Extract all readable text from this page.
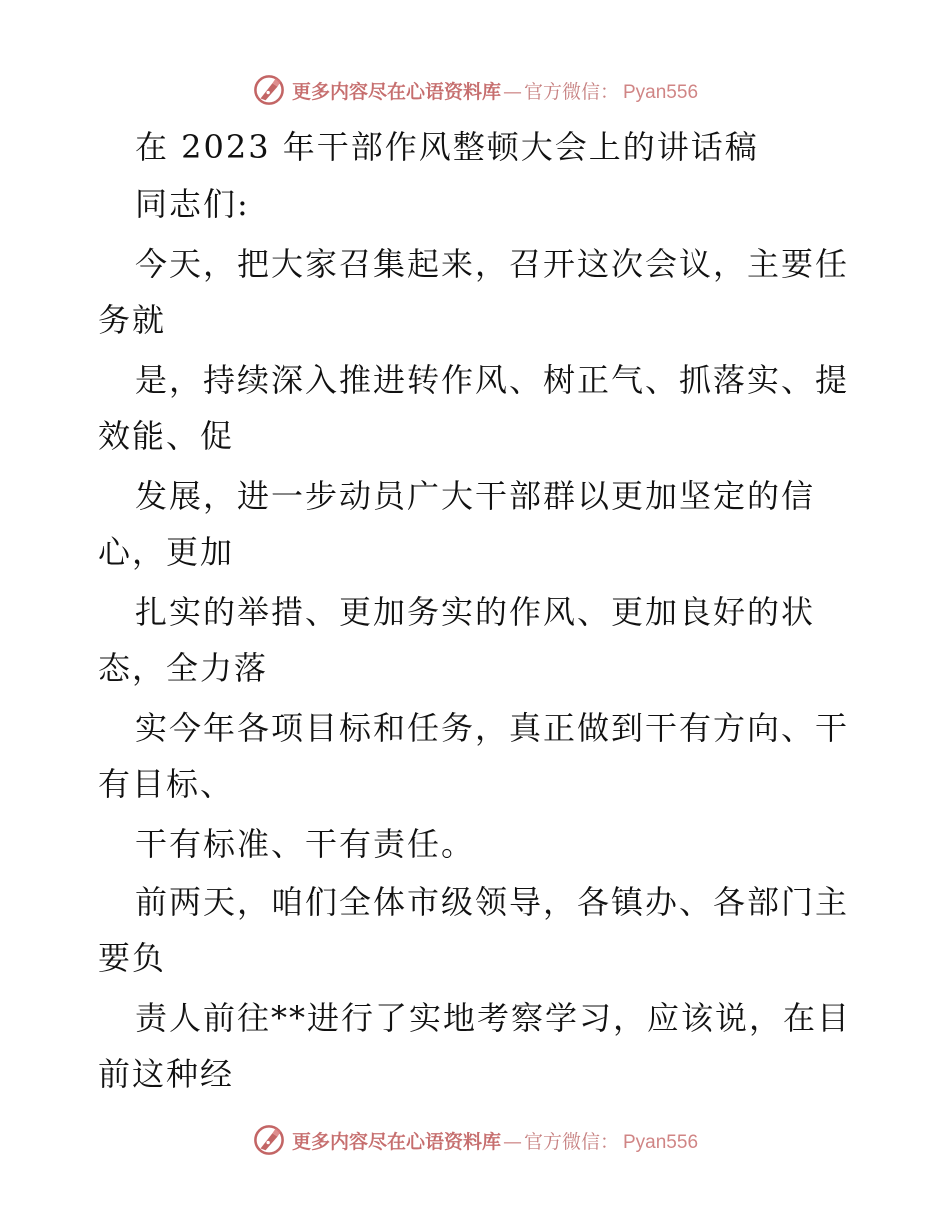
更多内容尽在心语资料库 — 官方微信： Pyan556
在 2023 年干部作风整顿大会上的讲话稿
同志们:
今天，把大家召集起来，召开这次会议，主要任
务就
是，持续深入推进转作风、树正气、抓落实、提
效能、促
发展，进一步动员广大干部群以更加坚定的信
心，更加
扎实的举措、更加务实的作风、更加良好的状
态，全力落
实今年各项目标和任务，真正做到干有方向、干
有目标、
干有标准、干有责任。
前两天，咱们全体市级领导，各镇办、各部门主
要负
责人前往**进行了实地考察学习，应该说，在目
前这种经
更多内容尽在心语资料库 — 官方微信： Pyan556
